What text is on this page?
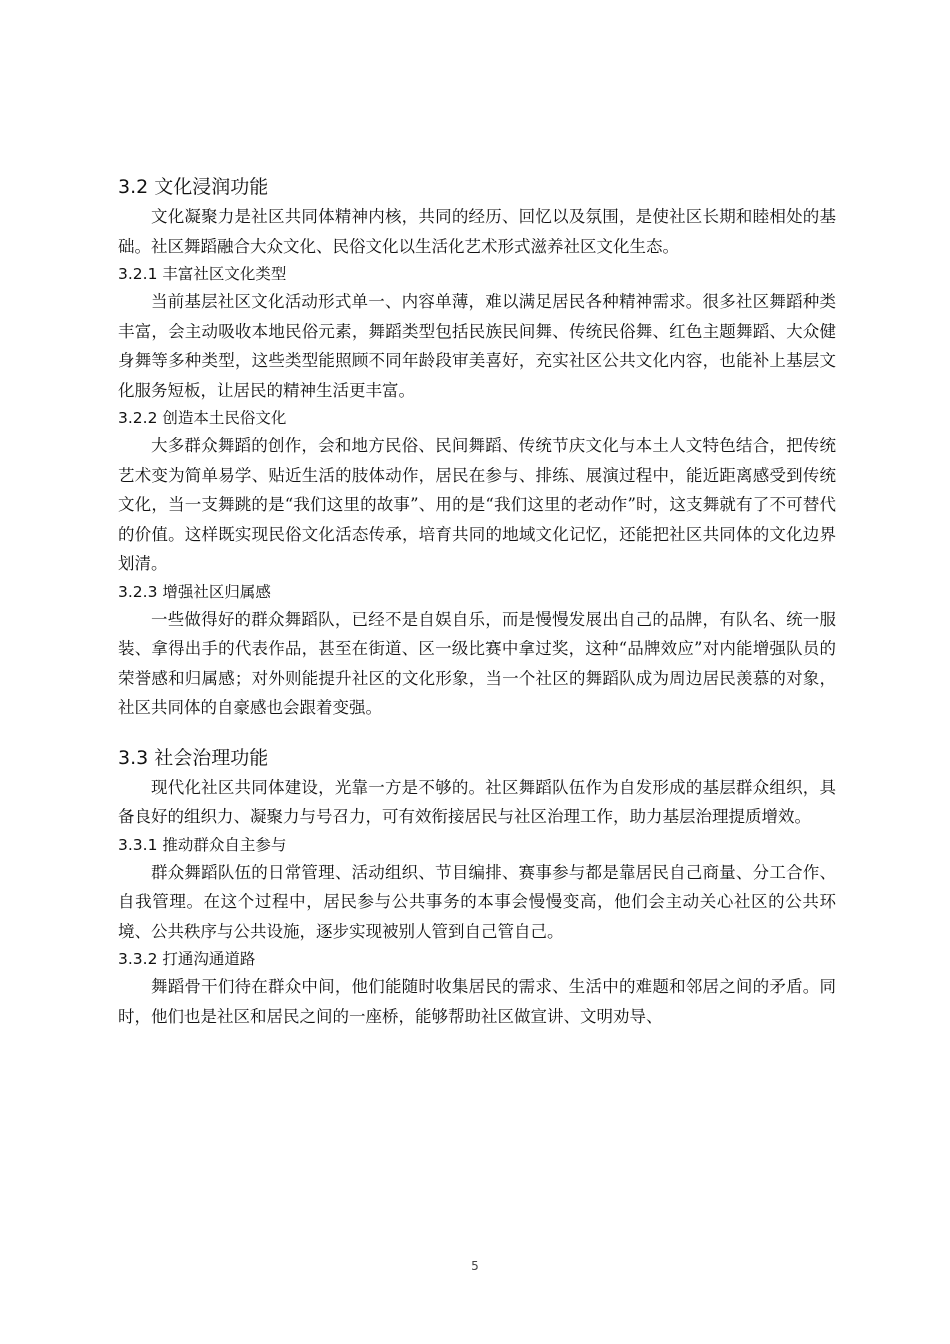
3.2 文化浸润功能

文化凝聚力是社区共同体精神内核，共同的经历、回忆以及氛围，是使社区长期和睦相处的基础。社区舞蹈融合大众文化、民俗文化以生活化艺术形式滋养社区文化生态。

3.2.1 丰富社区文化类型

当前基层社区文化活动形式单一、内容单薄，难以满足居民各种精神需求。很多社区舞蹈种类丰富，会主动吸收本地民俗元素，舞蹈类型包括民族民间舞、传统民俗舞、红色主题舞蹈、大众健身舞等多种类型，这些类型能照顾不同年龄段审美喜好，充实社区公共文化内容，也能补上基层文化服务短板，让居民的精神生活更丰富。

3.2.2 创造本土民俗文化

大多群众舞蹈的创作，会和地方民俗、民间舞蹈、传统节庆文化与本土人文特色结合，把传统艺术变为简单易学、贴近生活的肢体动作，居民在参与、排练、展演过程中，能近距离感受到传统文化，当一支舞跳的是“我们这里的故事”、用的是“我们这里的老动作”时，这支舞就有了不可替代的价值。这样既实现民俗文化活态传承，培育共同的地域文化记忆，还能把社区共同体的文化边界划清。

3.2.3 增强社区归属感

一些做得好的群众舞蹈队，已经不是自娱自乐，而是慢慢发展出自己的品牌，有队名、统一服装、拿得出手的代表作品，甚至在街道、区一级比赛中拿过奖，这种“品牌效应”对内能增强队员的荣誉感和归属感；对外则能提升社区的文化形象，当一个社区的舞蹈队成为周边居民羡慕的对象，社区共同体的自豪感也会跟着变强。

3.3 社会治理功能

现代化社区共同体建设，光靠一方是不够的。社区舞蹈队伍作为自发形成的基层群众组织，具备良好的组织力、凝聚力与号召力，可有效衔接居民与社区治理工作，助力基层治理提质增效。

3.3.1 推动群众自主参与

群众舞蹈队伍的日常管理、活动组织、节目编排、赛事参与都是靠居民自己商量、分工合作、自我管理。在这个过程中，居民参与公共事务的本事会慢慢变高，他们会主动关心社区的公共环境、公共秩序与公共设施，逐步实现被别人管到自己管自己。

3.3.2 打通沟通道路

舞蹈骨干们待在群众中间，他们能随时收集居民的需求、生活中的难题和邻居之间的矛盾。同时，他们也是社区和居民之间的一座桥，能够帮助社区做宣讲、文明劝导、

5
